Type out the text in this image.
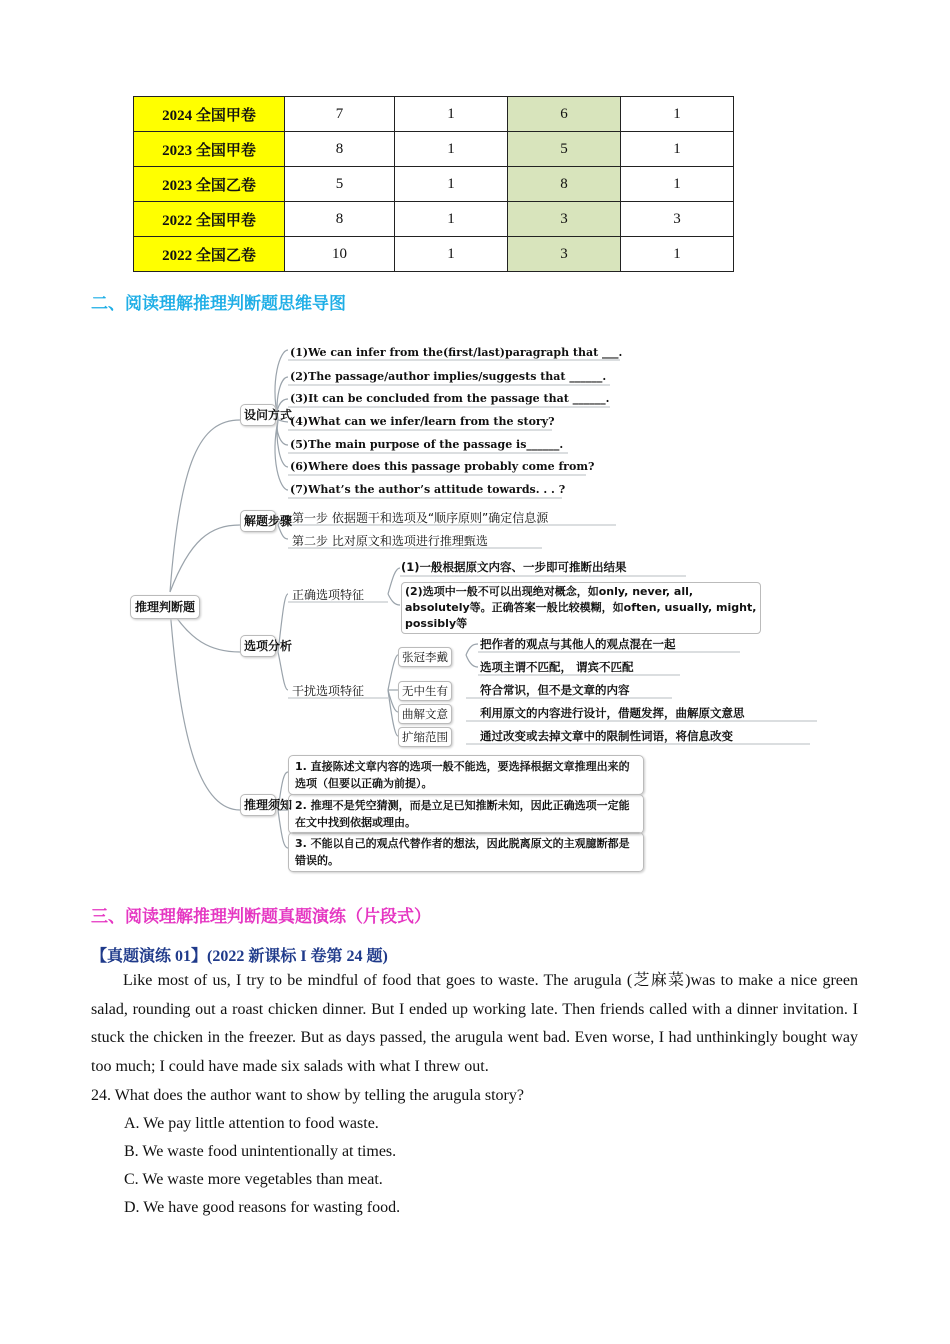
2024 全国甲卷	7	1	6	1
2023 全国甲卷	8	1	5	1
2023 全国乙卷	5	1	8	1
2022 全国甲卷	8	1	3	3
2022 全国乙卷	10	1	3	1
二、阅读理解推理判断题思维导图
推理判断题
设问方式
(1)We can infer from the(first/last)paragraph that ___.
(2)The passage/author implies/suggests that ______.
(3)It can be concluded from the passage that ______.
(4)What can we infer/learn from the story?
(5)The main purpose of the passage is______.
(6)Where does this passage probably come from?
(7)What’s the author’s attitude towards. . . ?
解题步骤 第一步 依据题干和选项及“顺序原则”确定信息源
第二步 比对原文和选项进行推理甄选
选项分析
正确选项特征
(1)一般根据原文内容、一步即可推断出结果
(2)选项中一般不可以出现绝对概念，如only, never, all, absolutely等。正确答案一般比较模糊，如often, usually, might, possibly等
干扰选项特征
张冠李戴
把作者的观点与其他人的观点混在一起
选项主谓不匹配， 谓宾不匹配
无中生有	符合常识，但不是文章的内容
曲解文意	利用原文的内容进行设计，借题发挥，曲解原文意思
扩缩范围	通过改变或去掉文章中的限制性词语，将信息改变
推理须知
1. 直接陈述文章内容的选项一般不能选，要选择根据文章推理出来的选项（但要以正确为前提）。
2. 推理不是凭空猜测，而是立足已知推断未知，因此正确选项一定能在文中找到依据或理由。
3. 不能以自己的观点代替作者的想法，因此脱离原文的主观臆断都是错误的。
三、阅读理解推理判断题真题演练（片段式）
【真题演练 01】(2022 新课标 I 卷第 24 题)

Like most of us, I try to be mindful of food that goes to waste. The arugula (芝麻菜)was to make a nice green salad, rounding out a roast chicken dinner. But I ended up working late. Then friends called with a dinner invitation. I stuck the chicken in the freezer. But as days passed, the arugula went bad. Even worse, I had unthinkingly bought way too much; I could have made six salads with what I threw out.

24. What does the author want to show by telling the arugula story?
A. We pay little attention to food waste.
B. We waste food unintentionally at times.
C. We waste more vegetables than meat.
D. We have good reasons for wasting food.
